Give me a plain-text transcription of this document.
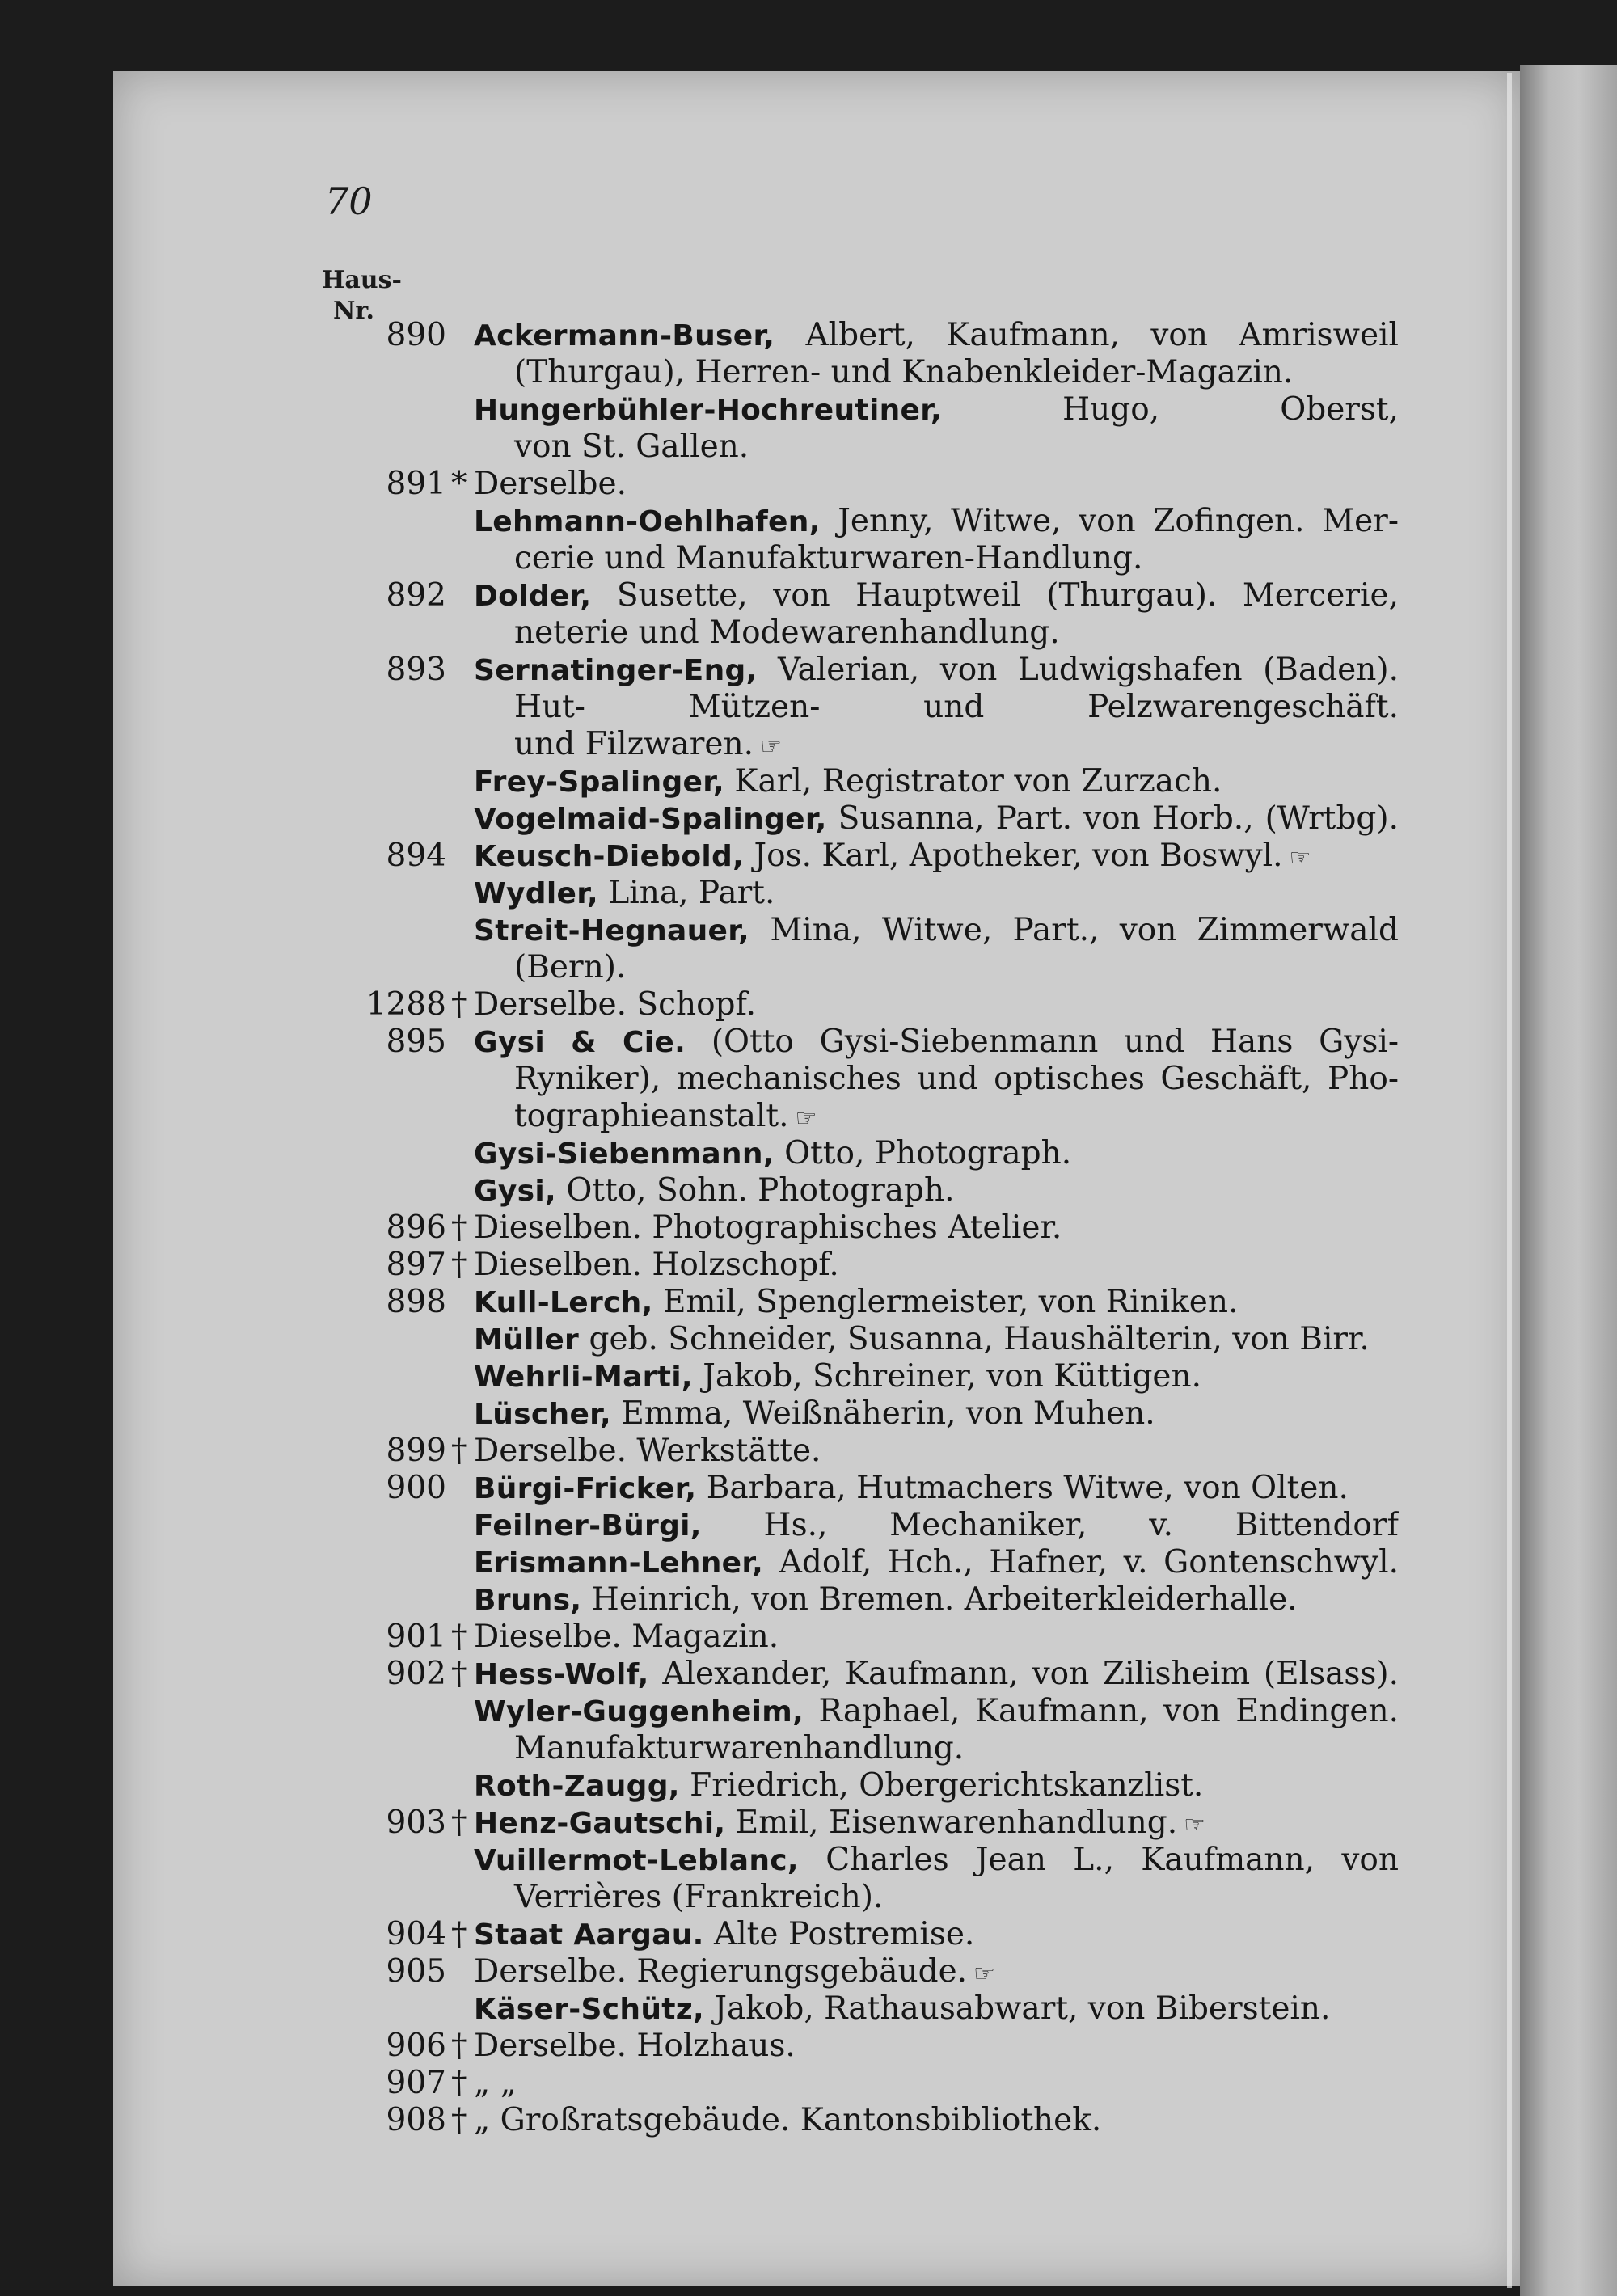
70
Haus-
Nr.
890 Ackermann-Buser, Albert, Kaufmann, von Amrisweil
(Thurgau), Herren- und Knabenkleider-Magazin.
Hungerbühler-Hochreutiner,	Hugo, Oberst,
von St. Gallen.
891 * Derselbe.
Lehmann-Oehlhafen, Jenny, Witwe, von Zofingen. Mer-
cerie und Manufakturwaren-Handlung.
892 Dolder, Susette, von Hauptweil (Thurgau). Mercerie,
neterie und Modewarenhandlung.
893 Sernatinger-Eng, Valerian, von Ludwigshafen (Baden).
Hut- Mützen- und Pelzwarengeschäft.
und Filzwaren. ☞
Frey-Spalinger, Karl, Registrator von Zurzach.
Vogelmaid-Spalinger, Susanna, Part. von Horb., (Wrtbg).
894 Keusch-Diebold, Jos. Karl, Apotheker, von Boswyl. ☞
Wydler, Lina, Part.
Streit-Hegnauer, Mina, Witwe, Part., von Zimmerwald
(Bern).
1288 † Derselbe. Schopf.
895 Gysi & Cie. (Otto Gysi-Siebenmann und Hans Gysi-
Ryniker), mechanisches und optisches Geschäft, Pho-
tographieanstalt. ☞
Gysi-Siebenmann, Otto, Photograph.
Gysi, Otto, Sohn. Photograph.
896 † Dieselben. Photographisches Atelier.
897 † Dieselben. Holzschopf.
898 Kull-Lerch, Emil, Spenglermeister, von Riniken.
Müller geb. Schneider, Susanna, Haushälterin, von Birr.
Wehrli-Marti, Jakob, Schreiner, von Küttigen.
Lüscher, Emma, Weißnäherin, von Muhen.
899 † Derselbe. Werkstätte.
900 Bürgi-Fricker, Barbara, Hutmachers Witwe, von Olten.
Feilner-Bürgi, Hs., Mechaniker, v. Bittendorf
Erismann-Lehner, Adolf, Hch., Hafner, v. Gontenschwyl.
Bruns, Heinrich, von Bremen. Arbeiterkleiderhalle.
901 † Dieselbe. Magazin.
902 † Hess-Wolf, Alexander, Kaufmann, von Zilisheim (Elsass).
Wyler-Guggenheim, Raphael, Kaufmann, von Endingen.
Manufakturwarenhandlung.
Roth-Zaugg, Friedrich, Obergerichtskanzlist.
903 † Henz-Gautschi, Emil, Eisenwarenhandlung. ☞
Vuillermot-Leblanc, Charles Jean L., Kaufmann, von
Verrières (Frankreich).
904 † Staat Aargau. Alte Postremise.
905 Derselbe. Regierungsgebäude. ☞
Käser-Schütz, Jakob, Rathausabwart, von Biberstein.
906 † Derselbe. Holzhaus.
907 † „ „
908 † „ Großratsgebäude. Kantonsbibliothek.
